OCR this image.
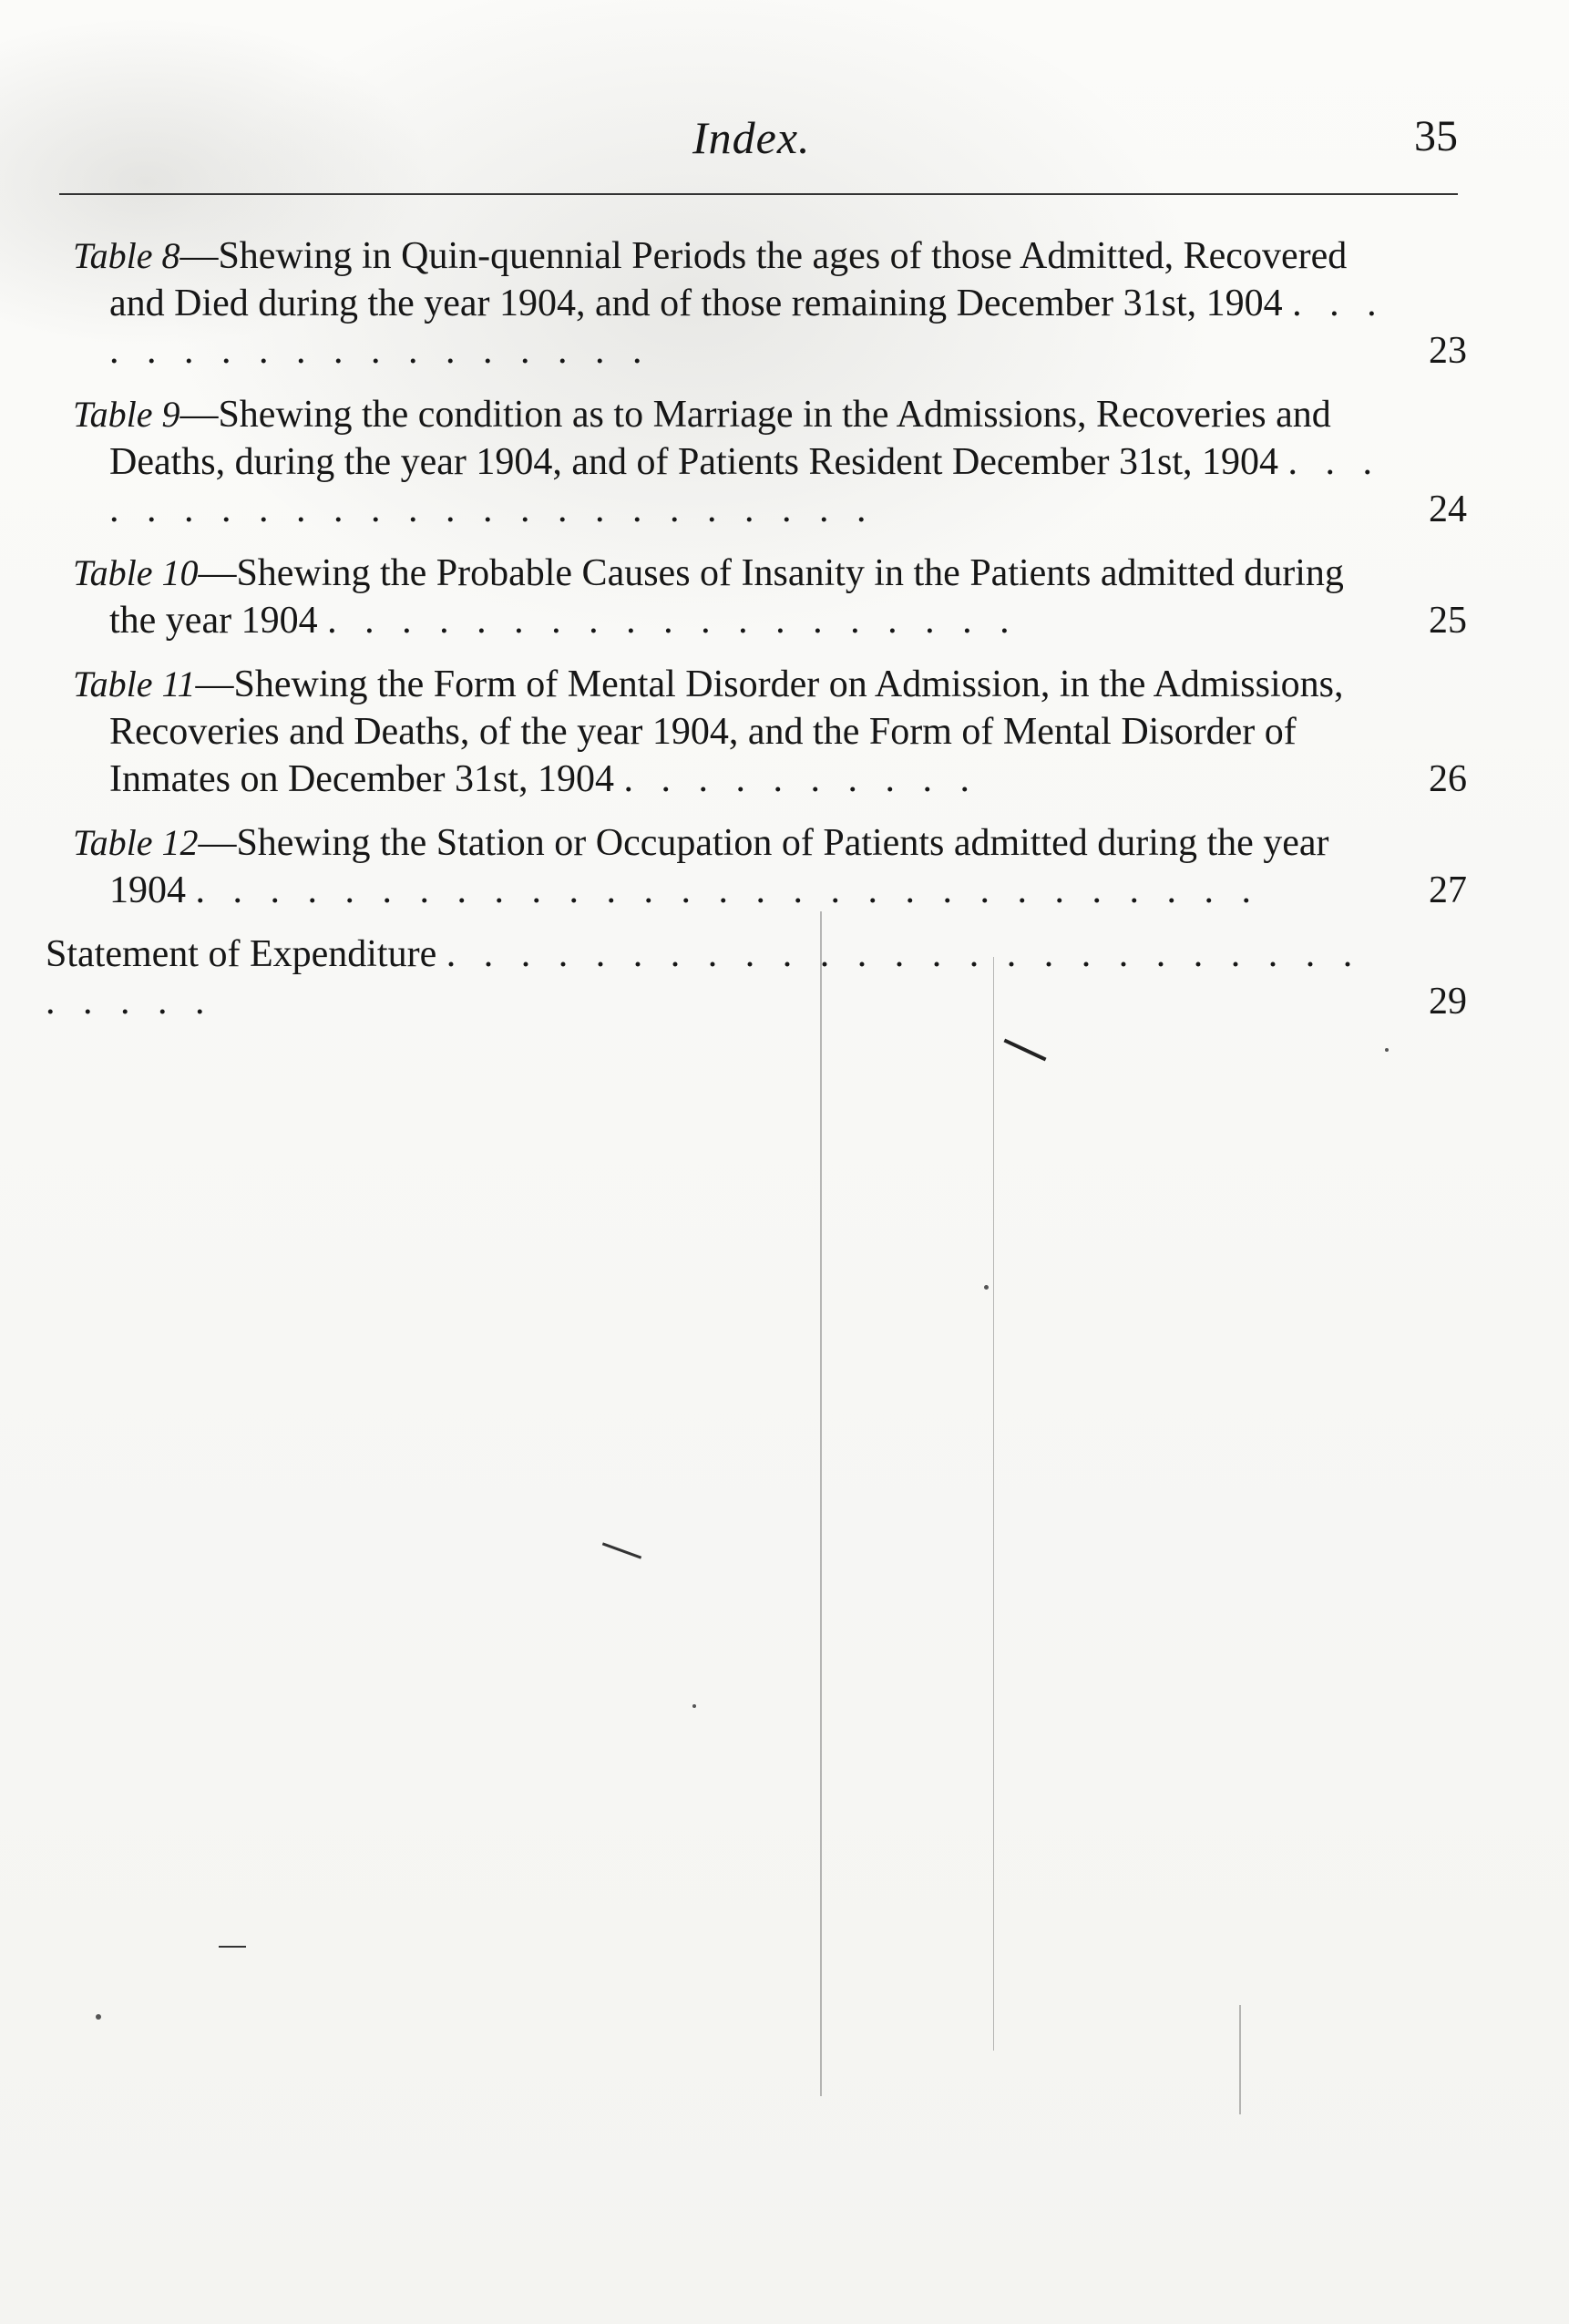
Index.	35
Table 8—Shewing in Quin-quennial Periods the ages of those Admitted, Recovered and Died during the year 1904, and of those remaining December 31st, 1904 . . . . . . . . . . . . . . . . . .	23
Table 9—Shewing the condition as to Marriage in the Admissions, Recoveries and Deaths, during the year 1904, and of Patients Resident December 31st, 1904 . . . . . . . . . . . . . . . . . . . . . . . .	24
Table 10—Shewing the Probable Causes of Insanity in the Patients admitted during the year 1904 . . . . . . . . . . . . . . . . . . .	25
Table 11—Shewing the Form of Mental Disorder on Admission, in the Admissions, Recoveries and Deaths, of the year 1904, and the Form of Mental Disorder of Inmates on December 31st, 1904 . . . . . . . . . .	26
Table 12—Shewing the Station or Occupation of Patients admitted during the year 1904 . . . . . . . . . . . . . . . . . . . . . . . . . . . . .	27
Statement of Expenditure . . . . . . . . . . . . . . . . . . . . . . . . . . . . . .	29
